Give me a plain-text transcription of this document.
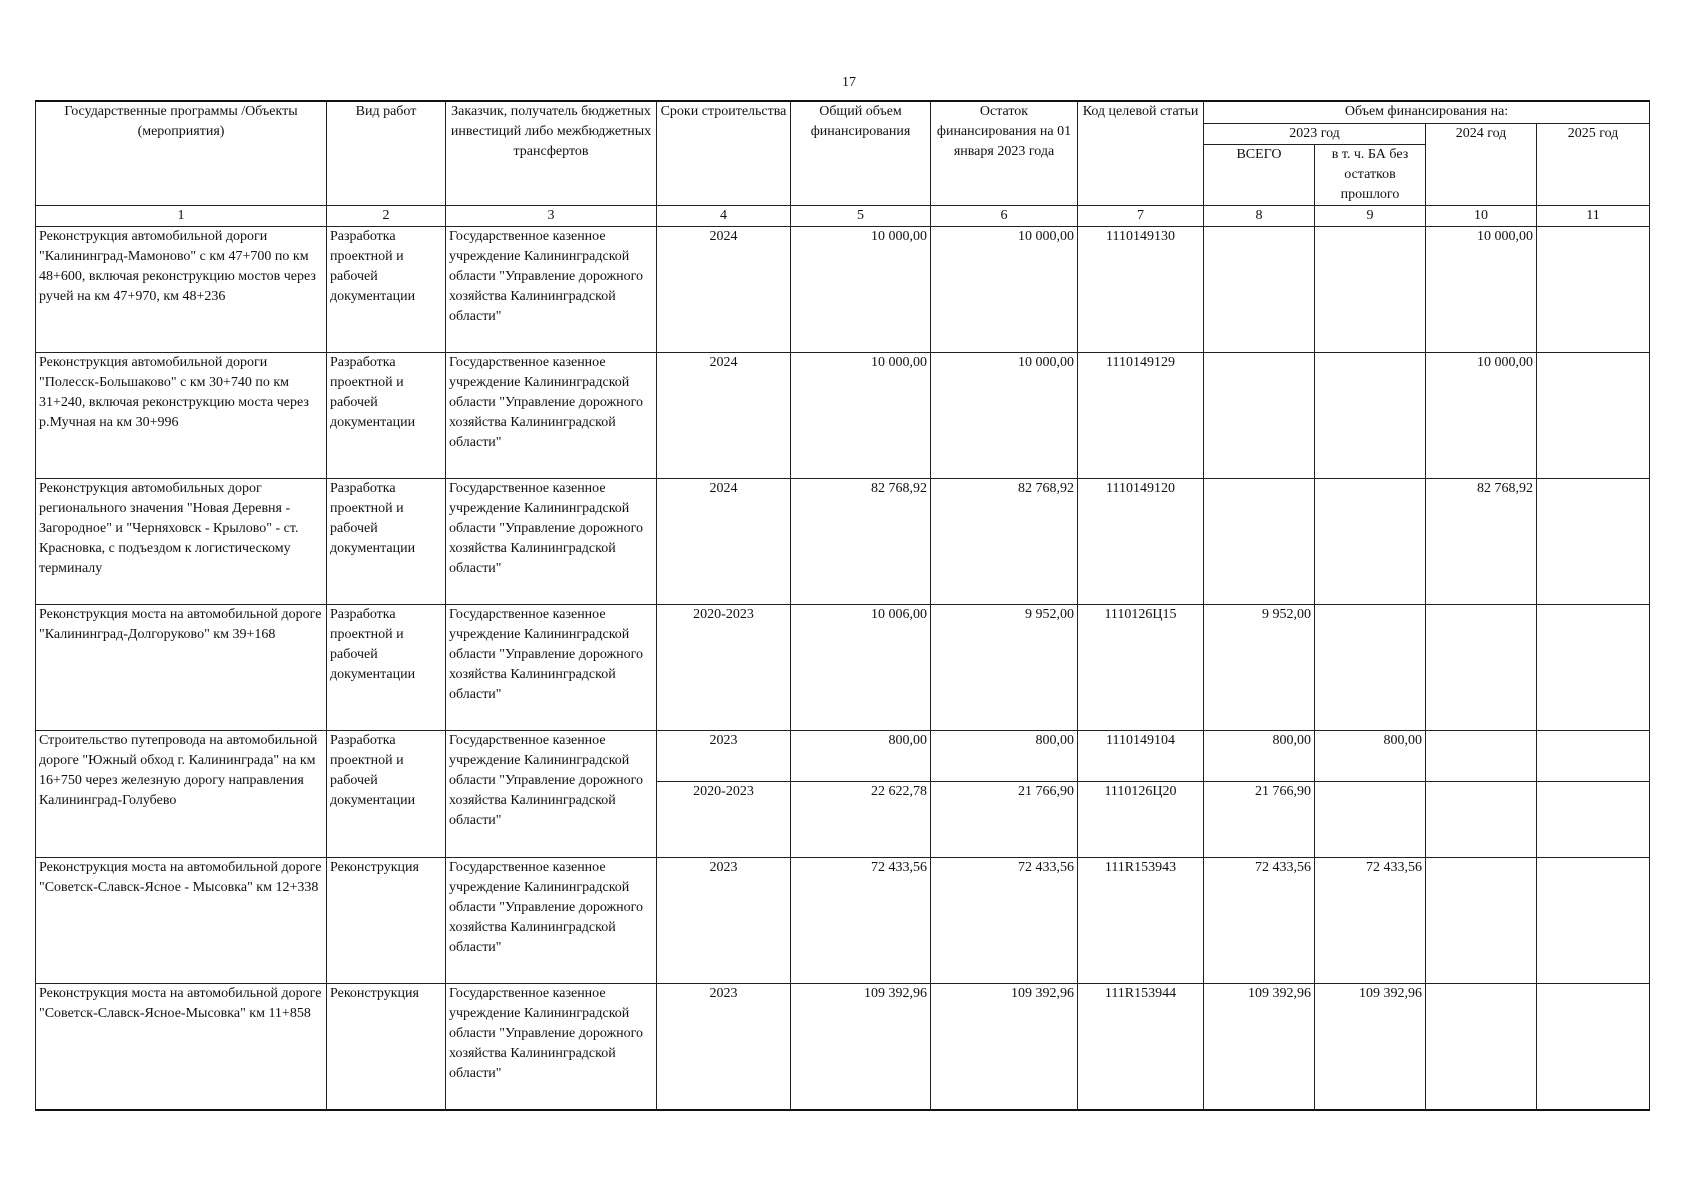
17
Государственные программы /Объекты (мероприятия)	Вид работ	Заказчик, получатель бюджетных инвестиций либо межбюджетных трансфертов	Сроки строительства	Общий объем финансирования	Остаток финансирования на 01 января 2023 года	Код целевой статьи	Объем финансирования на:			
							2023 год		2024 год	2025 год
							ВСЕГО	в т. ч. БА без остатков прошлого		
1	2	3	4	5	6	7	8	9	10	11
Реконструкция автомобильной дороги "Калининград-Мамоново" с км 47+700 по км 48+600, включая реконструкцию мостов через ручей на км 47+970, км 48+236	Разработка проектной и рабочей документации	Государственное казенное учреждение Калининградской области "Управление дорожного хозяйства Калининградской области"	2024	10 000,00	10 000,00	1110149130			10 000,00	
Реконструкция автомобильной дороги "Полесск-Большаково" с км 30+740 по км 31+240, включая реконструкцию моста через р.Мучная на км 30+996	Разработка проектной и рабочей документации	Государственное казенное учреждение Калининградской области "Управление дорожного хозяйства Калининградской области"	2024	10 000,00	10 000,00	1110149129			10 000,00	
Реконструкция автомобильных дорог регионального значения "Новая Деревня - Загородное" и "Черняховск - Крылово" - ст. Красновка, с подъездом к логистическому терминалу	Разработка проектной и рабочей документации	Государственное казенное учреждение Калининградской области "Управление дорожного хозяйства Калининградской области"	2024	82 768,92	82 768,92	1110149120			82 768,92	
Реконструкция моста на автомобильной дороге "Калининград-Долгоруково" км 39+168	Разработка проектной и рабочей документации	Государственное казенное учреждение Калининградской области "Управление дорожного хозяйства Калининградской области"	2020-2023	10 006,00	9 952,00	1110126Ц15	9 952,00			
Строительство путепровода на автомобильной дороге "Южный обход г. Калининграда" на км 16+750 через железную дорогу направления Калининград-Голубево	Разработка проектной и рабочей документации	Государственное казенное учреждение Калининградской области "Управление дорожного хозяйства Калининградской области"	2023	800,00	800,00	1110149104	800,00	800,00		
			2020-2023	22 622,78	21 766,90	1110126Ц20	21 766,90			
Реконструкция моста на автомобильной дороге "Советск-Славск-Ясное - Мысовка" км 12+338	Реконструкция	Государственное казенное учреждение Калининградской области "Управление дорожного хозяйства Калининградской области"	2023	72 433,56	72 433,56	111R153943	72 433,56	72 433,56		
Реконструкция моста на автомобильной дороге "Советск-Славск-Ясное-Мысовка" км 11+858	Реконструкция	Государственное казенное учреждение Калининградской области "Управление дорожного хозяйства Калининградской области"	2023	109 392,96	109 392,96	111R153944	109 392,96	109 392,96		
